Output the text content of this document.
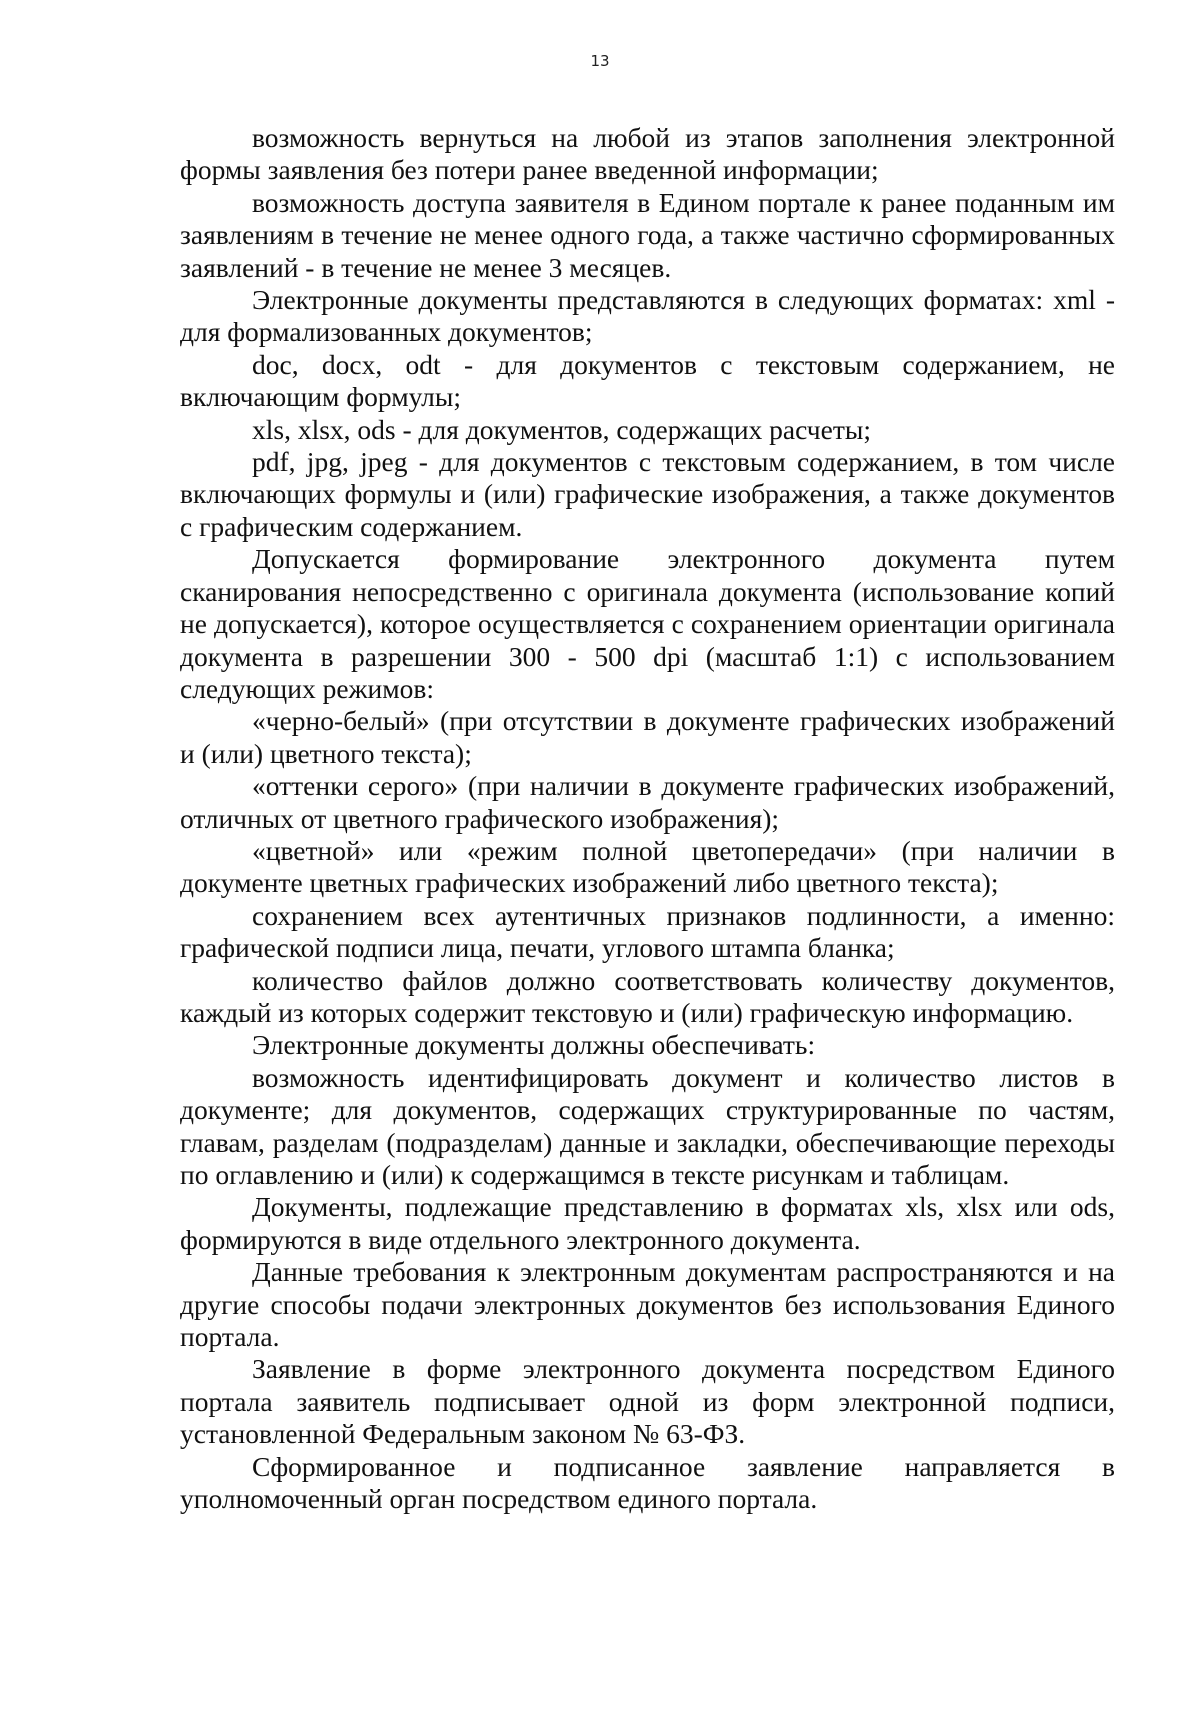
13

возможность вернуться на любой из этапов заполнения электронной формы заявления без потери ранее введенной информации;

возможность доступа заявителя в Едином портале к ранее поданным им заявлениям в течение не менее одного года, а также частично сформированных заявлений - в течение не менее 3 месяцев.

Электронные документы представляются в следующих форматах: xml - для формализованных документов;

doc, docx, odt - для документов с текстовым содержанием, не включающим формулы;

xls, xlsx, ods - для документов, содержащих расчеты;

pdf, jpg, jpeg - для документов с текстовым содержанием, в том числе включающих формулы и (или) графические изображения, а также документов с графическим содержанием.

Допускается формирование электронного документа путем сканирования непосредственно с оригинала документа (использование копий не допускается), которое осуществляется с сохранением ориентации оригинала документа в разрешении 300 - 500 dpi (масштаб 1:1) с использованием следующих режимов:

«черно-белый» (при отсутствии в документе графических изображений и (или) цветного текста);

«оттенки серого» (при наличии в документе графических изображений, отличных от цветного графического изображения);

«цветной» или «режим полной цветопередачи» (при наличии в документе цветных графических изображений либо цветного текста);

сохранением всех аутентичных признаков подлинности, а именно: графической подписи лица, печати, углового штампа бланка;

количество файлов должно соответствовать количеству документов, каждый из которых содержит текстовую и (или) графическую информацию.

Электронные документы должны обеспечивать:

возможность идентифицировать документ и количество листов в документе; для документов, содержащих структурированные по частям, главам, разделам (подразделам) данные и закладки, обеспечивающие переходы по оглавлению и (или) к содержащимся в тексте рисункам и таблицам.

Документы, подлежащие представлению в форматах xls, xlsx или ods, формируются в виде отдельного электронного документа.

Данные требования к электронным документам распространяются и на другие способы подачи электронных документов без использования Единого портала.

Заявление в форме электронного документа посредством Единого портала заявитель подписывает одной из форм электронной подписи, установленной Федеральным законом № 63-ФЗ.

Сформированное и подписанное заявление направляется в уполномоченный орган посредством единого портала.
